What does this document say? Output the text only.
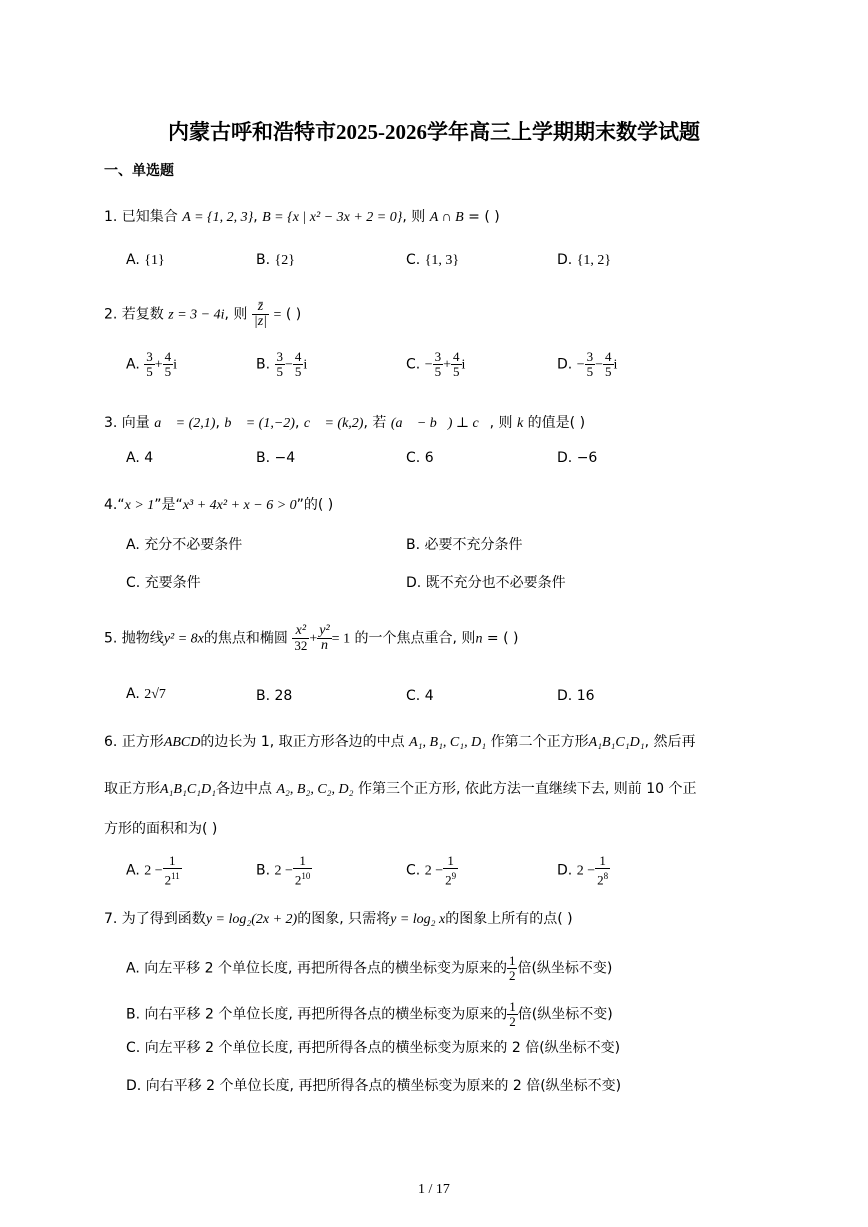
内蒙古呼和浩特市2025-2026学年高三上学期期末数学试题
一、单选题
1. 已知集合 A = {1, 2, 3}, B = {x | x² − 3x + 2 = 0}, 则 A ∩ B = ( )
A. {1}	B. {2}	C. {1, 3}	D. {1, 2}
2. 若复数 z = 3 − 4i, 则 $\frac{z̄}{|z|}$ = ( )
A. $\frac{3}{5} + \frac{4}{5}$ i	B. $\frac{3}{5} - \frac{4}{5}$ i	C. − $\frac{3}{5} + \frac{4}{5}$ i	D. − $\frac{3}{5} - \frac{4}{5}$ i
3. 向量 a⃗ = (2,1), b⃗ = (1,−2), c⃗ = (k,2), 若 (a⃗ − b⃗) ⊥ c⃗, 则 k 的值是( )
A. 4	B. −4	C. 6	D. −6
4.“x > 1”是“x³ + 4x² + x − 6 > 0”的( )
A. 充分不必要条件	B. 必要不充分条件
C. 充要条件	D. 既不充分也不必要条件
5. 抛物线y² = 8x的焦点和椭圆 $\frac{\text{x²}}{32} + \frac{\text{y²}}{n} = 1$ 的一个焦点重合, 则n = ( )
A. 2√7	B. 28	C. 4	D. 16
6. 正方形ABCD的边长为 1, 取正方形各边的中点 A₁, B₁, C₁, D₁ 作第二个正方形A₁B₁C₁D₁, 然后再
取正方形A₁B₁C₁D₁各边中点 A₂, B₂, C₂, D₂ 作第三个正方形, 依此方法一直继续下去, 则前 10 个正
方形的面积和为( )
A. $2 - \frac{1}{2^{11}}$	B. $2 - \frac{1}{2^{10}}$	C. $2 - \frac{1}{2^9}$	D. $2 - \frac{1}{2^8}$
7. 为了得到函数y = log₂(2x + 2)的图象, 只需将y = log₂ x的图象上所有的点( )
A. 向左平移 2 个单位长度, 再把所得各点的横坐标变为原来的 $\frac{1}{2}$ 倍(纵坐标不变)
B. 向右平移 2 个单位长度, 再把所得各点的横坐标变为原来的 $\frac{1}{2}$ 倍(纵坐标不变)
C. 向左平移 2 个单位长度, 再把所得各点的横坐标变为原来的 2 倍(纵坐标不变)
D. 向右平移 2 个单位长度, 再把所得各点的横坐标变为原来的 2 倍(纵坐标不变)
1 / 17
